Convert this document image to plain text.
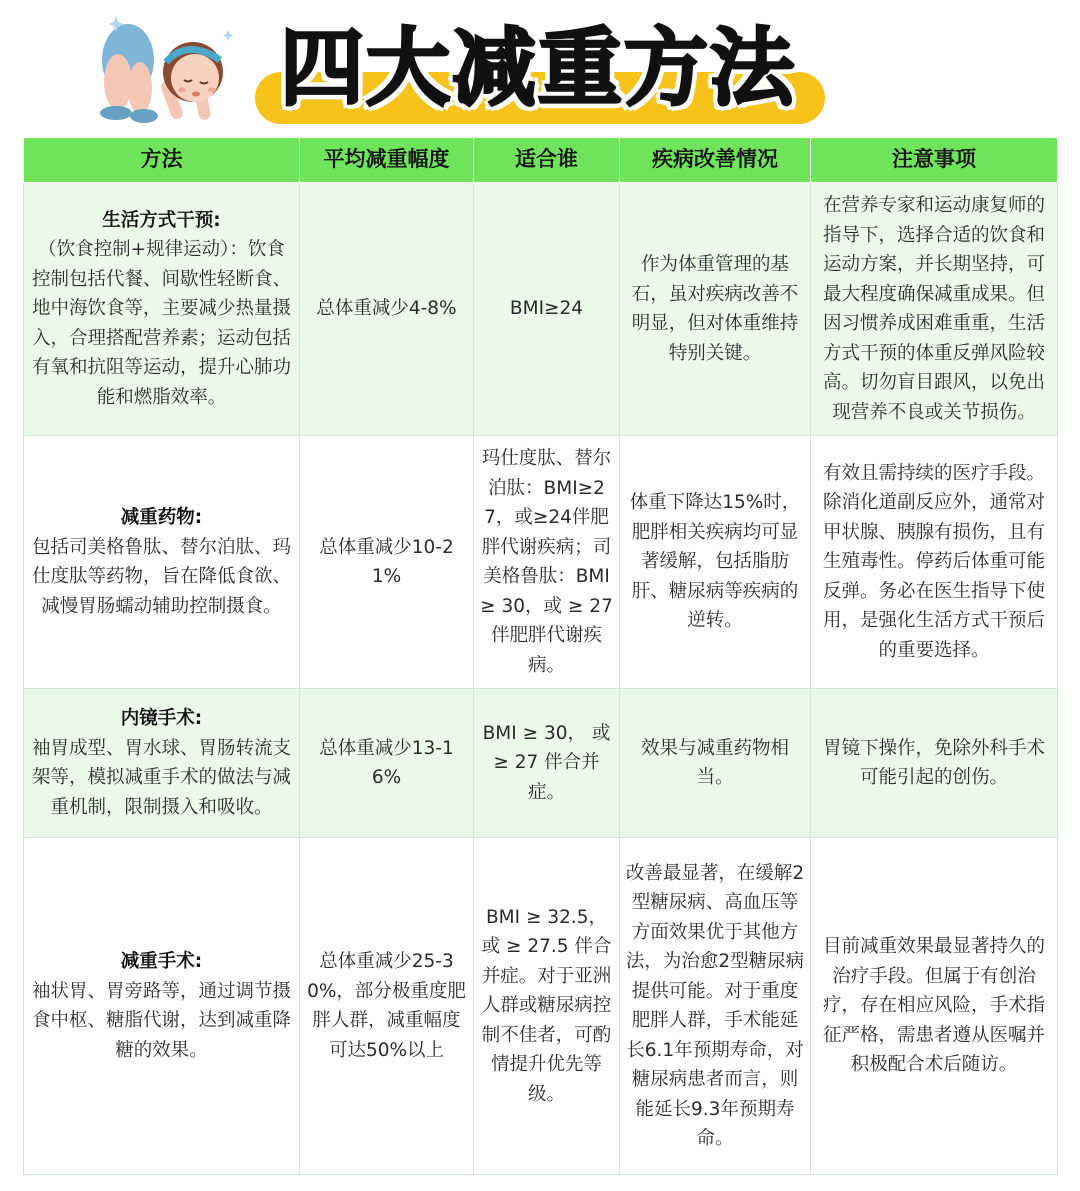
四大减重方法
方法	平均减重幅度	适合谁	疾病改善情况	注意事项

生活方式干预:
（饮食控制+规律运动）：饮食控制包括代餐、间歇性轻断食、地中海饮食等，主要减少热量摄入，合理搭配营养素；运动包括有氧和抗阻等运动，提升心肺功能和燃脂效率。	总体重减少4-8%	BMI≥24	作为体重管理的基石，虽对疾病改善不明显，但对体重维持特别关键。	在营养专家和运动康复师的指导下，选择合适的饮食和运动方案，并长期坚持，可最大程度确保减重成果。但因习惯养成困难重重，生活方式干预的体重反弹风险较高。切勿盲目跟风，以免出现营养不良或关节损伤。

减重药物:
包括司美格鲁肽、替尔泊肽、玛仕度肽等药物，旨在降低食欲、减慢胃肠蠕动辅助控制摄食。	总体重减少10-21%	玛仕度肽、替尔泊肽：BMI≥27，或≥24伴肥胖代谢疾病；司美格鲁肽：BMI ≥ 30，或 ≥ 27 伴肥胖代谢疾病。	体重下降达15%时，肥胖相关疾病均可显著缓解，包括脂肪肝、糖尿病等疾病的逆转。	有效且需持续的医疗手段。除消化道副反应外，通常对甲状腺、胰腺有损伤，且有生殖毒性。停药后体重可能反弹。务必在医生指导下使用，是强化生活方式干预后的重要选择。

内镜手术:
袖胃成型、胃水球、胃肠转流支架等，模拟减重手术的做法与减重机制，限制摄入和吸收。	总体重减少13-16%	BMI ≥ 30， 或 ≥ 27 伴合并症。	效果与减重药物相当。	胃镜下操作，免除外科手术可能引起的创伤。

减重手术:
袖状胃、胃旁路等，通过调节摄食中枢、糖脂代谢，达到减重降糖的效果。	总体重减少25-30%，部分极重度肥胖人群，减重幅度可达50%以上	BMI ≥ 32.5， 或 ≥ 27.5 伴合并症。对于亚洲人群或糖尿病控制不佳者，可酌情提升优先等级。	改善最显著，在缓解2型糖尿病、高血压等方面效果优于其他方法，为治愈2型糖尿病提供可能。对于重度肥胖人群，手术能延长6.1年预期寿命，对糖尿病患者而言，则能延长9.3年预期寿命。	目前减重效果最显著持久的治疗手段。但属于有创治疗，存在相应风险，手术指征严格，需患者遵从医嘱并积极配合术后随访。
